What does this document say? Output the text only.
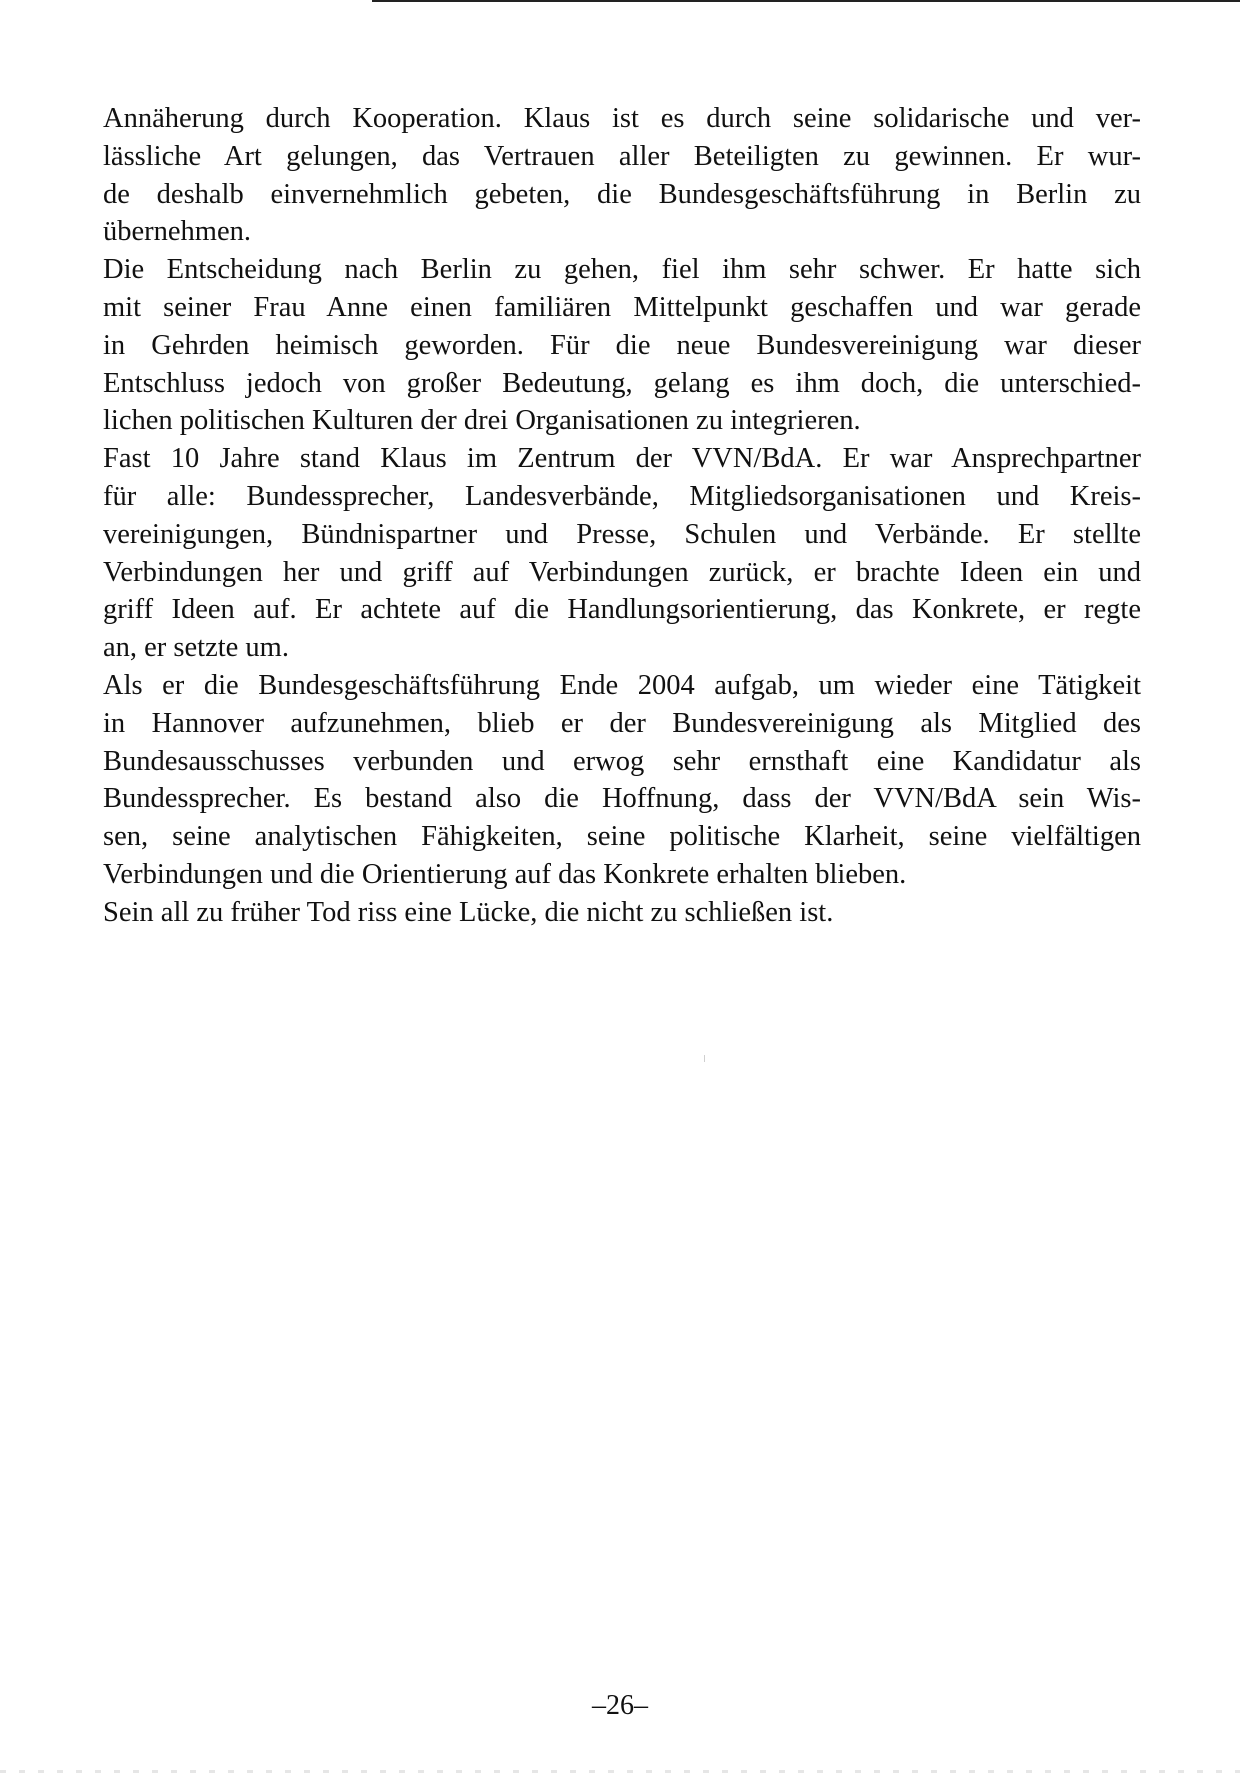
Annäherung durch Kooperation. Klaus ist es durch seine solidarische und ver-
lässliche Art gelungen, das Vertrauen aller Beteiligten zu gewinnen. Er wur-
de deshalb einvernehmlich gebeten, die Bundesgeschäftsführung in Berlin zu
übernehmen.
Die Entscheidung nach Berlin zu gehen, fiel ihm sehr schwer. Er hatte sich
mit seiner Frau Anne einen familiären Mittelpunkt geschaffen und war gerade
in Gehrden heimisch geworden. Für die neue Bundesvereinigung war dieser
Entschluss jedoch von großer Bedeutung, gelang es ihm doch, die unterschied-
lichen politischen Kulturen der drei Organisationen zu integrieren.
Fast 10 Jahre stand Klaus im Zentrum der VVN/BdA. Er war Ansprechpartner
für alle: Bundessprecher, Landesverbände, Mitgliedsorganisationen und Kreis-
vereinigungen, Bündnispartner und Presse, Schulen und Verbände. Er stellte
Verbindungen her und griff auf Verbindungen zurück, er brachte Ideen ein und
griff Ideen auf. Er achtete auf die Handlungsorientierung, das Konkrete, er regte
an, er setzte um.
Als er die Bundesgeschäftsführung Ende 2004 aufgab, um wieder eine Tätigkeit
in Hannover aufzunehmen, blieb er der Bundesvereinigung als Mitglied des
Bundesausschusses verbunden und erwog sehr ernsthaft eine Kandidatur als
Bundessprecher. Es bestand also die Hoffnung, dass der VVN/BdA sein Wis-
sen, seine analytischen Fähigkeiten, seine politische Klarheit, seine vielfältigen
Verbindungen und die Orientierung auf das Konkrete erhalten blieben.
Sein all zu früher Tod riss eine Lücke, die nicht zu schließen ist.
–26–
